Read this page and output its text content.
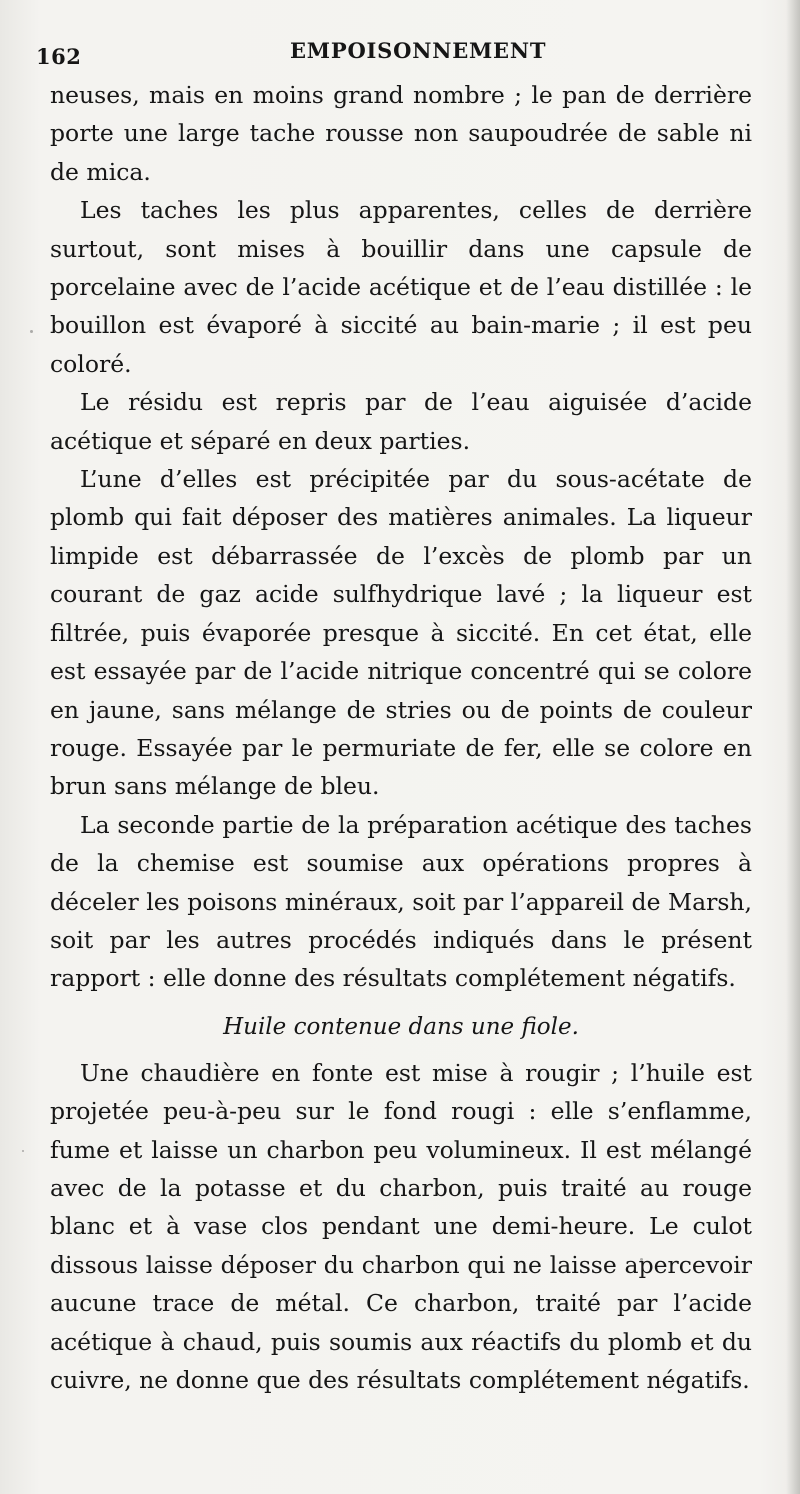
162	EMPOISONNEMENT

neuses, mais en moins grand nombre ; le pan de derrière porte une large tache rousse non saupoudrée de sable ni de mica.

Les taches les plus apparentes, celles de derrière surtout, sont mises à bouillir dans une capsule de porcelaine avec de l’acide acétique et de l’eau distillée : le bouillon est évaporé à siccité au bain-marie ; il est peu coloré.

Le résidu est repris par de l’eau aiguisée d’acide acétique et séparé en deux parties.

L’une d’elles est précipitée par du sous-acétate de plomb qui fait déposer des matières animales. La liqueur limpide est débarrassée de l’excès de plomb par un courant de gaz acide sulfhydrique lavé ; la liqueur est filtrée, puis évaporée presque à siccité. En cet état, elle est essayée par de l’acide nitrique concentré qui se colore en jaune, sans mélange de stries ou de points de couleur rouge. Essayée par le permuriate de fer, elle se colore en brun sans mélange de bleu.

La seconde partie de la préparation acétique des taches de la chemise est soumise aux opérations propres à déceler les poisons minéraux, soit par l’appareil de Marsh, soit par les autres procédés indiqués dans le présent rapport : elle donne des résultats complétement négatifs.

Huile contenue dans une fiole.

Une chaudière en fonte est mise à rougir ; l’huile est projetée peu-à-peu sur le fond rougi : elle s’enflamme, fume et laisse un charbon peu volumineux. Il est mélangé avec de la potasse et du charbon, puis traité au rouge blanc et à vase clos pendant une demi-heure. Le culot dissous laisse déposer du charbon qui ne laisse apercevoir aucune trace de métal. Ce charbon, traité par l’acide acétique à chaud, puis soumis aux réactifs du plomb et du cuivre, ne donne que des résultats complétement négatifs.
